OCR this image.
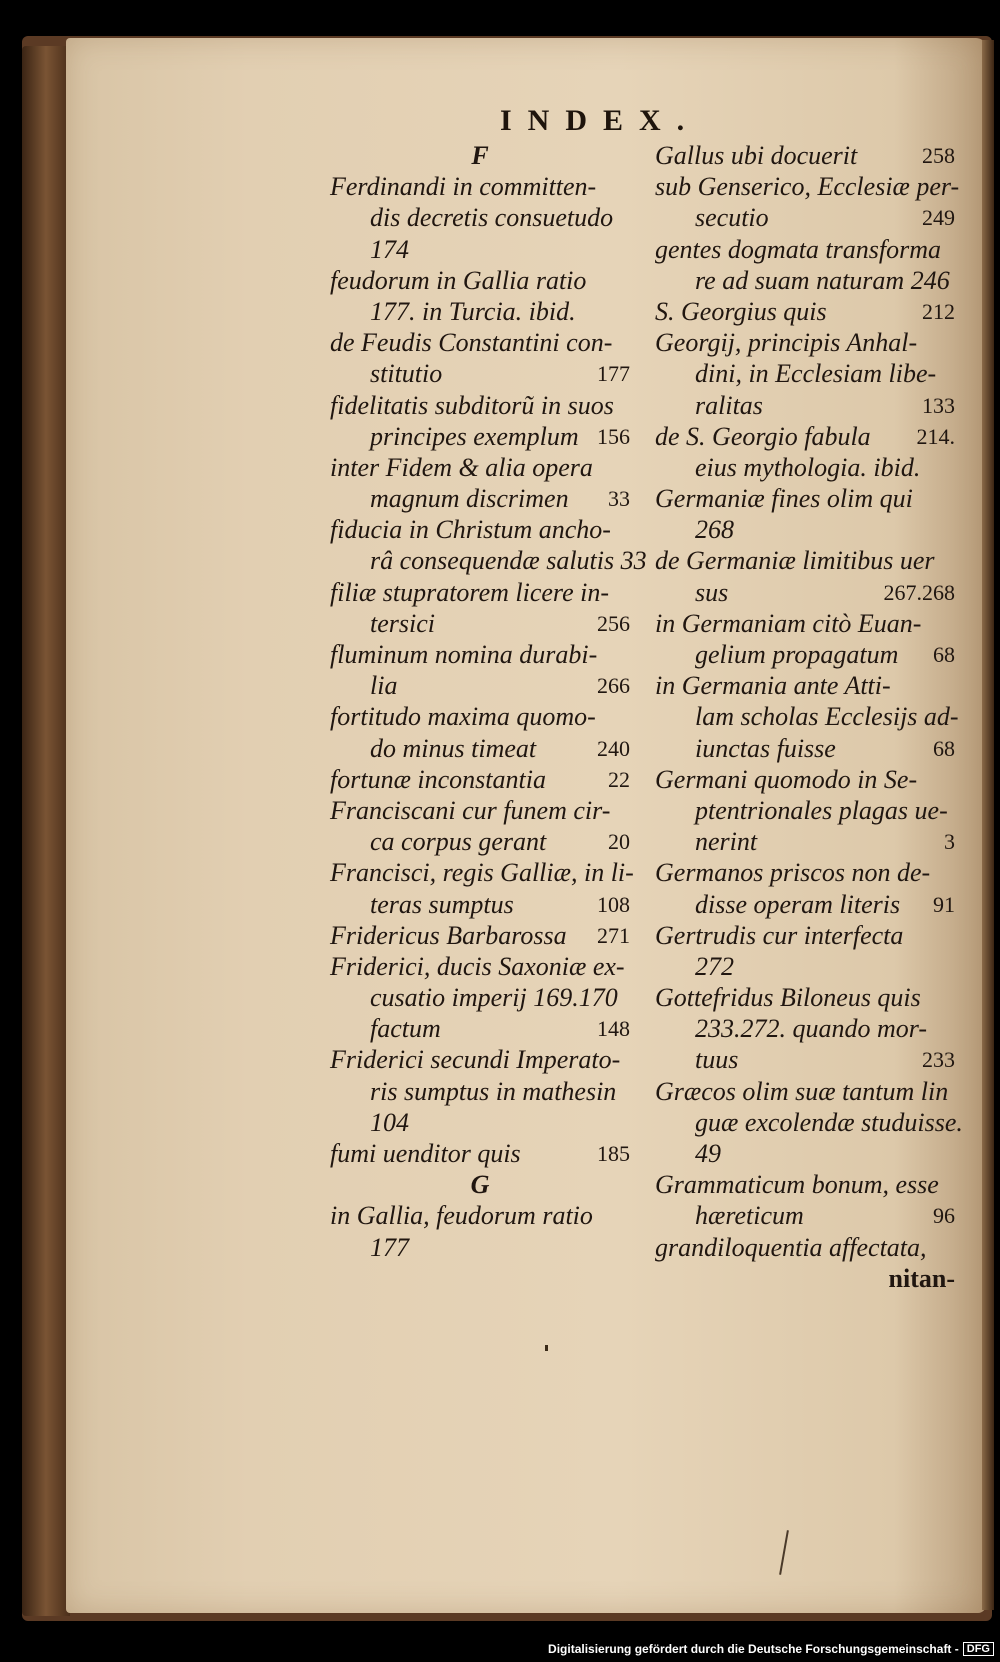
INDEX.
F
Ferdinandi in committen-
dis decretis consuetudo
174
feudorum in Gallia ratio
177. in Turcia. ibid.
de Feudis Constantini con-
stitutio	177
fidelitatis subditorũ in suos
principes exemplum 156
inter Fidem & alia opera
magnum discrimen 33
fiducia in Christum ancho-
râ consequendæ salutis 33
filiæ stupratorem licere in-
tersici	256
fluminum nomina durabi-
lia	266
fortitudo maxima quomo-
do minus timeat	240
fortunæ inconstantia	22
Franciscani cur funem cir-
ca corpus gerant	20
Francisci, regis Galliæ, in li-
teras sumptus	108
Fridericus Barbarossa 271
Friderici, ducis Saxoniæ ex-
cusatio imperij 169.170
factum	148
Friderici secundi Imperato-
ris sumptus in mathesin
104
fumi uenditor quis	185
G
in Gallia, feudorum ratio
177
Gallus ubi docuerit	258
sub Genserico, Ecclesiæ per-
secutio	249
gentes dogmata transforma
re ad suam naturam 246
S. Georgius quis	212
Georgij, principis Anhal-
dini, in Ecclesiam libe-
ralitas	133
de S. Georgio fabula 214.
eius mythologia. ibid.
Germaniæ fines olim qui
268
de Germaniæ limitibus uer
sus	267.268
in Germaniam citò Euan-
gelium propagatum 68
in Germania ante Atti-
lam scholas Ecclesijs ad-
iunctas fuisse	68
Germani quomodo in Se-
ptentrionales plagas ue-
nerint	3
Germanos priscos non de-
disse operam literis 91
Gertrudis cur interfecta
272
Gottefridus Biloneus quis
233.272. quando mor-
tuus	233
Græcos olim suæ tantum lin
guæ excolendæ studuisse.
49
Grammaticum bonum, esse
hæreticum	96
grandiloquentia affectata,
nitan-
Digitalisierung gefördert durch die Deutsche Forschungsgemeinschaft - DFG
